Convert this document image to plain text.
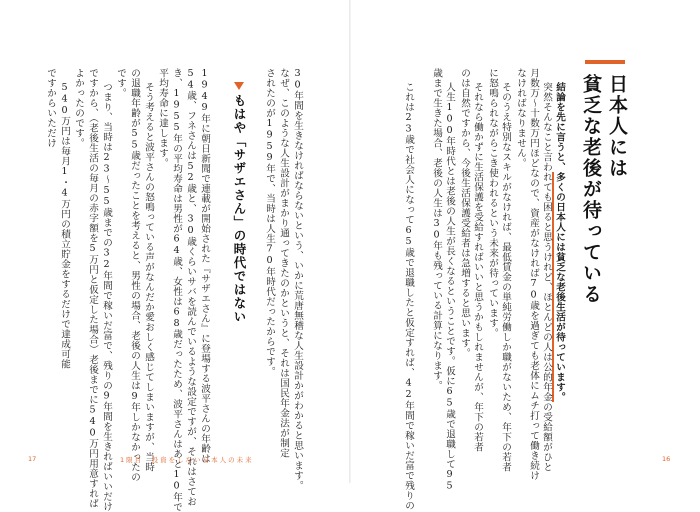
日本人には
貧乏な老後が待っている
結論を先に言うと、多くの日本人には貧乏な老後生活が待っています。
突然そんなこと言われても困ると思うけれど、ほとんどの人は公的年金の受給額がひと
月数万〜十数万円ほどなので、資産がなければ70歳を過ぎても老体にムチ打って働き続け
なければなりません。
そのうえ特別なスキルがなければ、最低賃金の単純労働しか職がないため、年下の若者
に怒鳴られながらこき使われるという未来が待っています。
それなら働かずに生活保護を受給すればいいと思うかもしれませんが、年下の若者
のは自然ですから、今後生活保護受給者は急増すると思います。
人生100年時代とは老後の人生が長くなるということです。仮に65歳で退職して95
歳まで生きた場合、老後の人生は30年も残っている計算になります。
これは23歳で社会人になって65歳で退職したと仮定すれば、42年間で稼いだ富で残りの
30年間を生きなければならないという、いかに荒唐無稽な人生設計かがわかると思います。
なぜ、このような人生設計がまかり通ってきたのかというと、それは国民年金法が制定
されたのが1959年で、当時は人生70年時代だったからです。
もはや「サザエさん」の時代ではない
1949年に朝日新聞で連載が開始された『サザエさん』に登場する波平さんの年齢は
54歳、フネさんは52歳と、30歳くらいサバを読んでいるような設定ですが、それはさてお
き、1955年の平均寿命は男性が64歳、女性は68歳だったため、波平さんはあと10年で
平均寿命に達します。
そう考えると波平さんの怒鳴っている声がなんだか愛おしく感じてしまいますが、当時
の退職年齢が55歳だったことを考えると、男性の場合、老後の人生は9年しかなかったの
です。
つまり、当時は23〜55歳までの32年間で稼いだ富で、残りの9年間を生きればいいだけ
ですから、（老後生活の毎月の赤字額を5万円と仮定した場合）老後までに540万円用意すれば
よかったのです。
540万円は毎月1・4万円の積立貯金をするだけで達成可能
ですからいただけ
17	1限目　投資をしない日本人の未来	16
